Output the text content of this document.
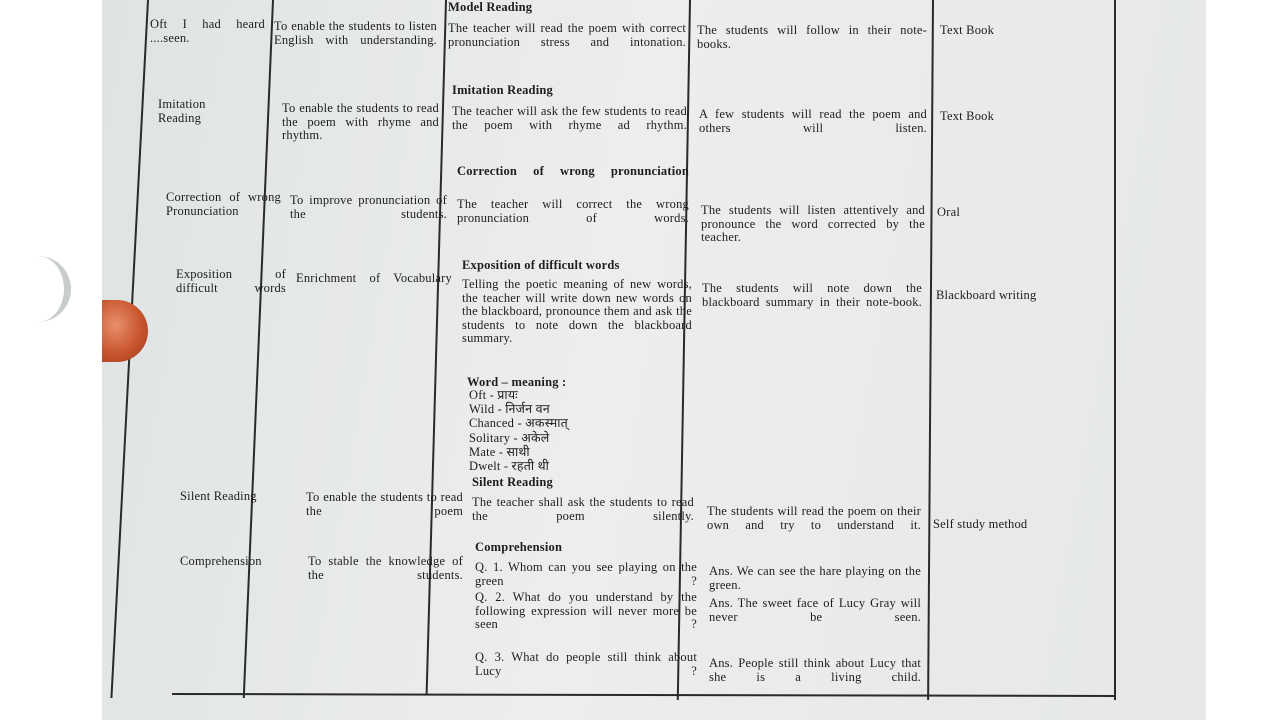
Oft I had heard ....seen.
To enable the students to listen English with understanding.
Model Reading
The teacher will read the poem with correct pronunciation stress and intonation.
The students will follow in their note-books.
Text Book
Imitation Reading
To enable the students to read the poem with rhyme and rhythm.
Imitation Reading
The teacher will ask the few students to read the poem with rhyme ad rhythm.
A few students will read the poem and others will listen.
Text Book
Correction of wrong Pronunciation
To improve pronunciation of the students.
Correction of wrong pronunciation
The teacher will correct the wrong pronunciation of words.
The students will listen attentively and pronounce the word corrected by the teacher.
Oral
Exposition of difficult words
Enrichment of Vocabulary
Exposition of difficult words
Telling the poetic meaning of new words, the teacher will write down new words on the blackboard, pronounce them and ask the students to note down the blackboard summary.
The students will note down the blackboard summary in their note-book. Blackboard writing
Word – meaning :
Oft - प्रायः
Wild - निर्जन वन
Chanced - अकस्मात्
Solitary - अकेले
Mate - साथी
Dwelt - रहती थी
Silent Reading	To enable the students to read the poem
Silent Reading
The teacher shall ask the students to read the poem silently. The students will read the poem on their own and try to understand it. Self study method
Comprehension	To stable the knowledge of the students.
Comprehension
Q. 1. Whom can you see playing on the green ?
Ans. We can see the hare playing on the green.
Q. 2. What do you understand by the following expression will never more be seen ?
Ans. The sweet face of Lucy Gray will never be seen.
Q. 3. What do people still think about Lucy ?
Ans. People still think about Lucy that she is a living child.
